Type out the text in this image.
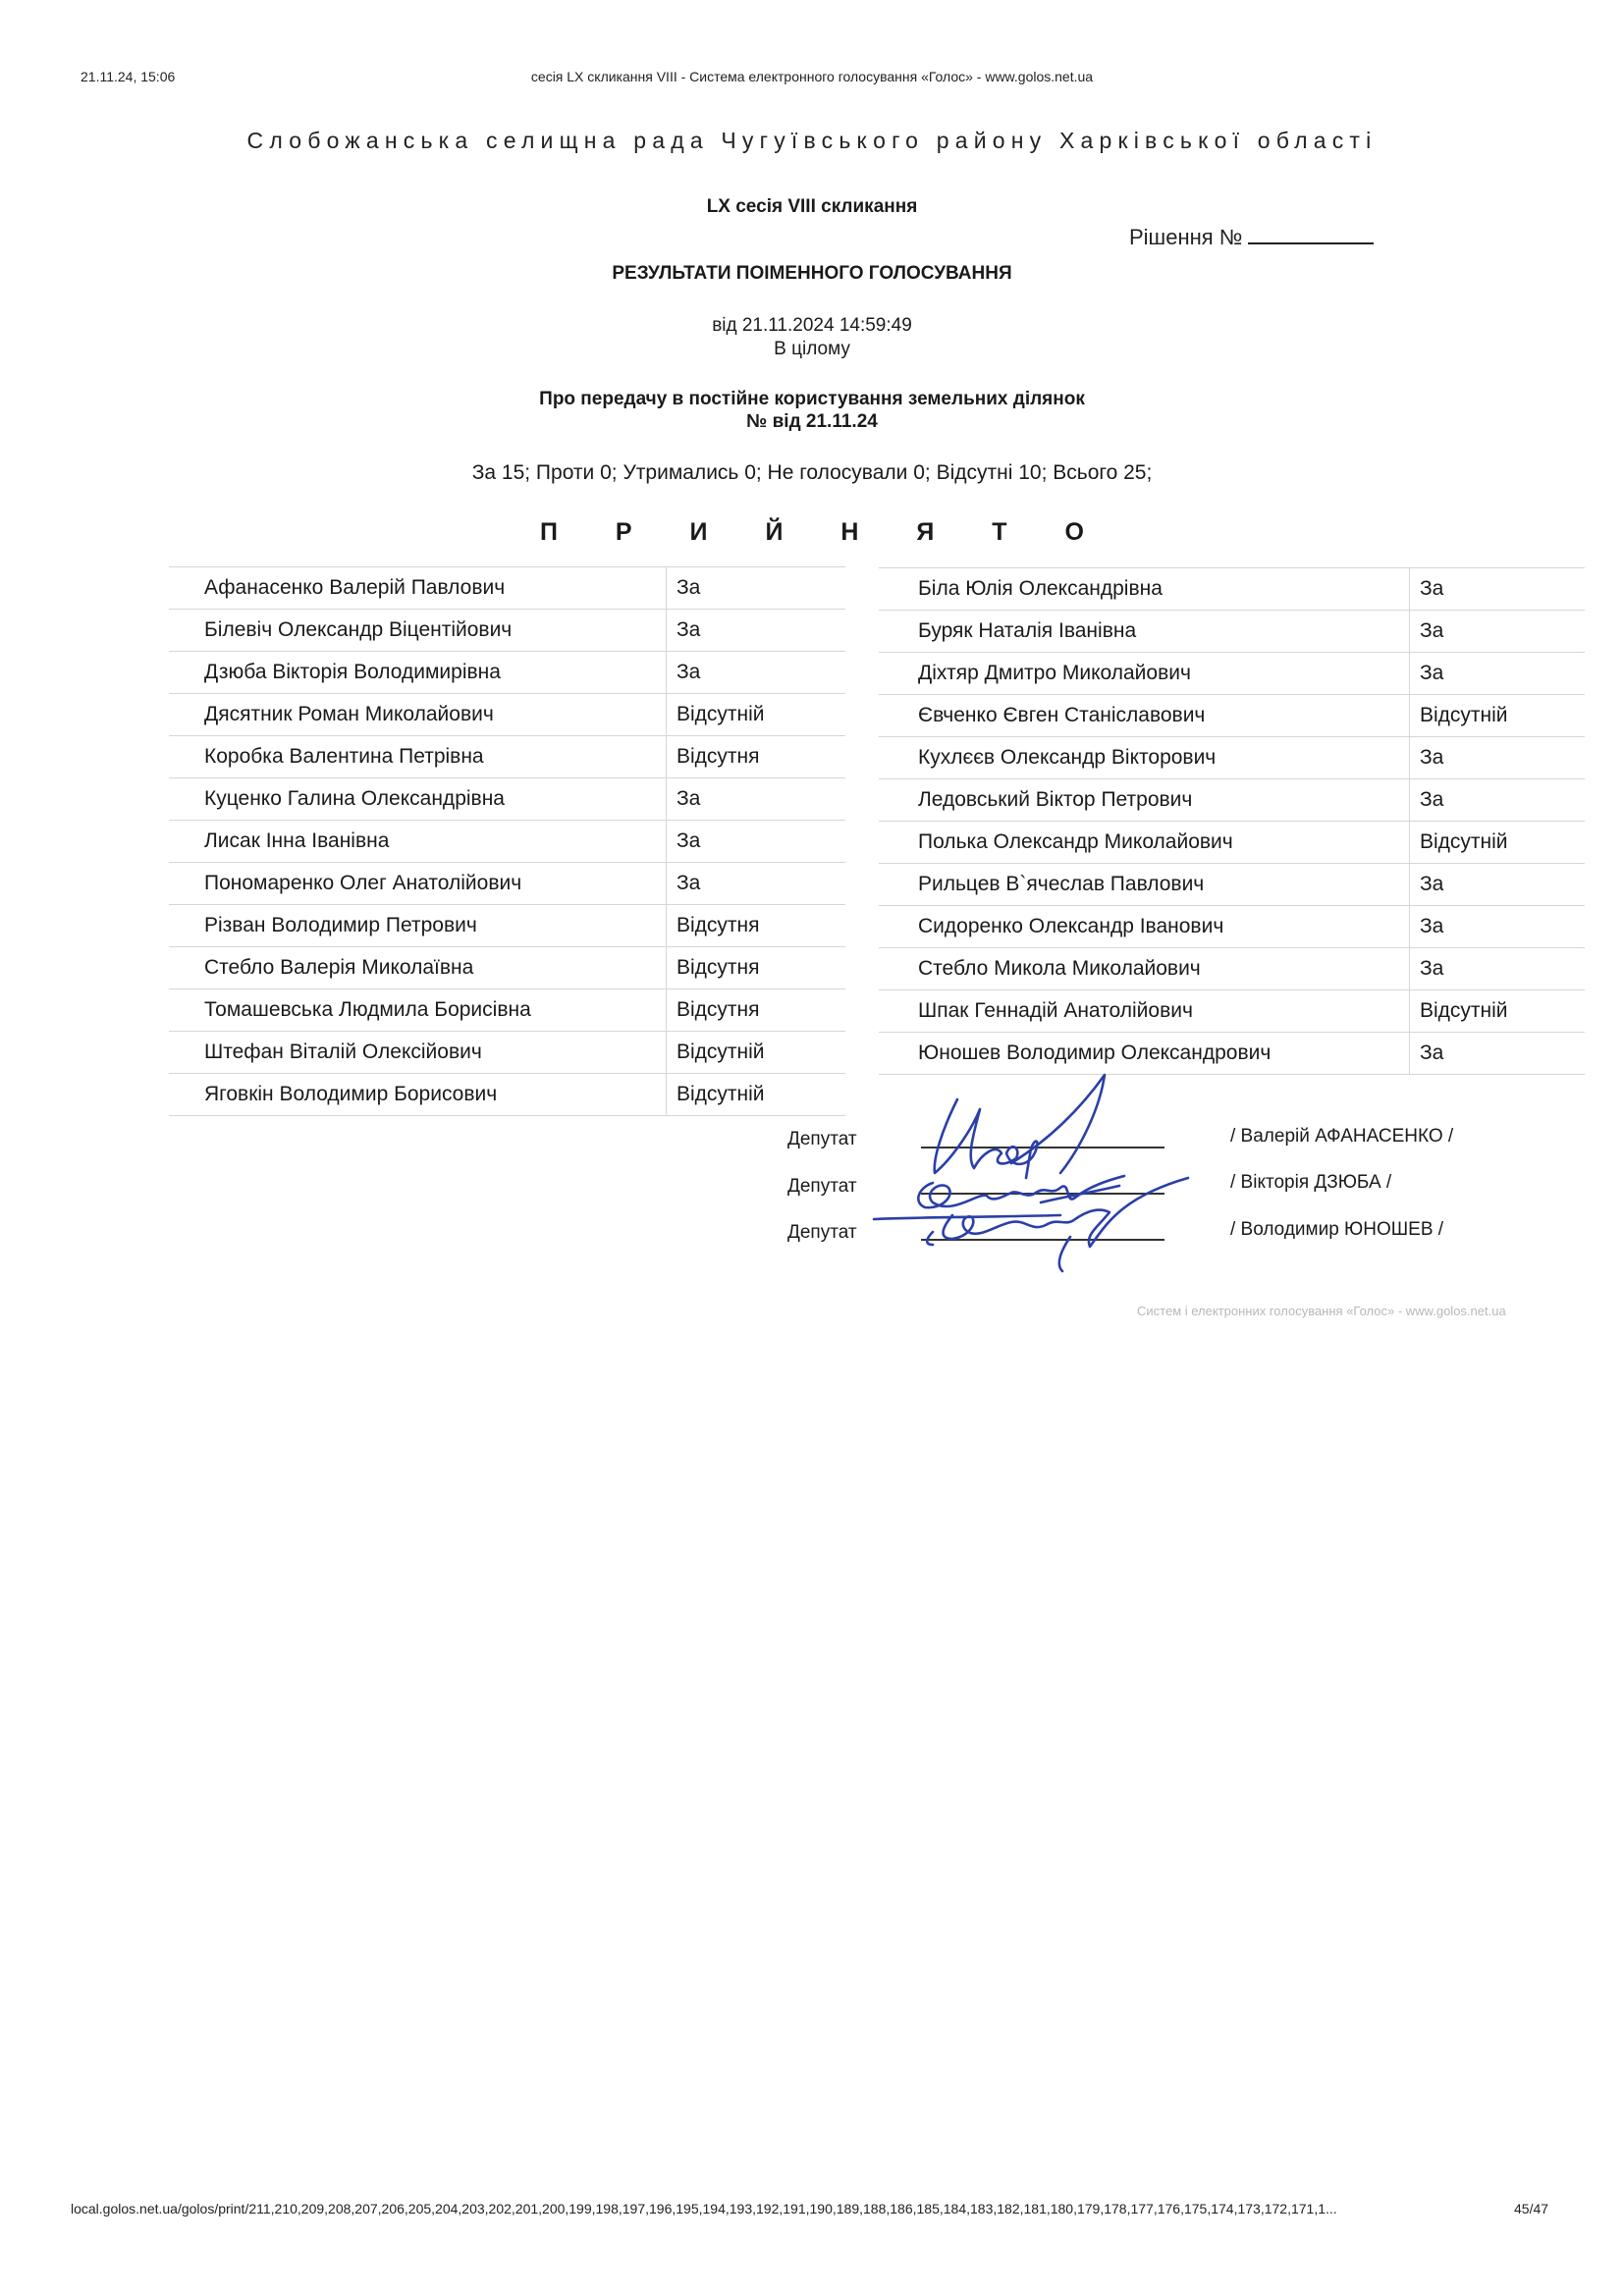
21.11.24, 15:06	сесія LX скликання VIII - Система електронного голосування «Голос» - www.golos.net.ua
Слобожанська селищна рада Чугуївського району Харківської області
LX сесія VIII скликання
Рішення №
РЕЗУЛЬТАТИ ПОІМЕННОГО ГОЛОСУВАННЯ
від 21.11.2024 14:59:49
В цілому
Про передачу в постійне користування земельних ділянок
№ від 21.11.24
За 15; Проти 0; Утримались 0; Не голосували 0; Відсутні 10; Всього 25;
П Р И Й Н Я Т О
Афанасенко Валерій Павлович	За
Білевіч Олександр Віцентійович	За
Дзюба Вікторія Володимирівна	За
Дясятник Роман Миколайович	Відсутній
Коробка Валентина Петрівна	Відсутня
Куценко Галина Олександрівна	За
Лисак Інна Іванівна	За
Пономаренко Олег Анатолійович	За
Різван Володимир Петрович	Відсутня
Стебло Валерія Миколаївна	Відсутня
Томашевська Людмила Борисівна	Відсутня
Штефан Віталій Олексійович	Відсутній
Яговкін Володимир Борисович	Відсутній
Біла Юлія Олександрівна	За
Буряк Наталія Іванівна	За
Діхтяр Дмитро Миколайович	За
Євченко Євген Станіславович	Відсутній
Кухлєєв Олександр Вікторович	За
Ледовський Віктор Петрович	За
Полька Олександр Миколайович	Відсутній
Рильцев В`ячеслав Павлович	За
Сидоренко Олександр Іванович	За
Стебло Микола Миколайович	За
Шпак Геннадій Анатолійович	Відсутній
Юношев Володимир Олександрович	За
Депутат
Депутат
Депутат
/ Валерій АФАНАСЕНКО /
/ Вікторія ДЗЮБА /
/ Володимир ЮНОШЕВ /
Систем і електронних голосування «Голос» - www.golos.net.ua
local.golos.net.ua/golos/print/211,210,209,208,207,206,205,204,203,202,201,200,199,198,197,196,195,194,193,192,191,190,189,188,186,185,184,183,182,181,180,179,178,177,176,175,174,173,172,171,1...	45/47
